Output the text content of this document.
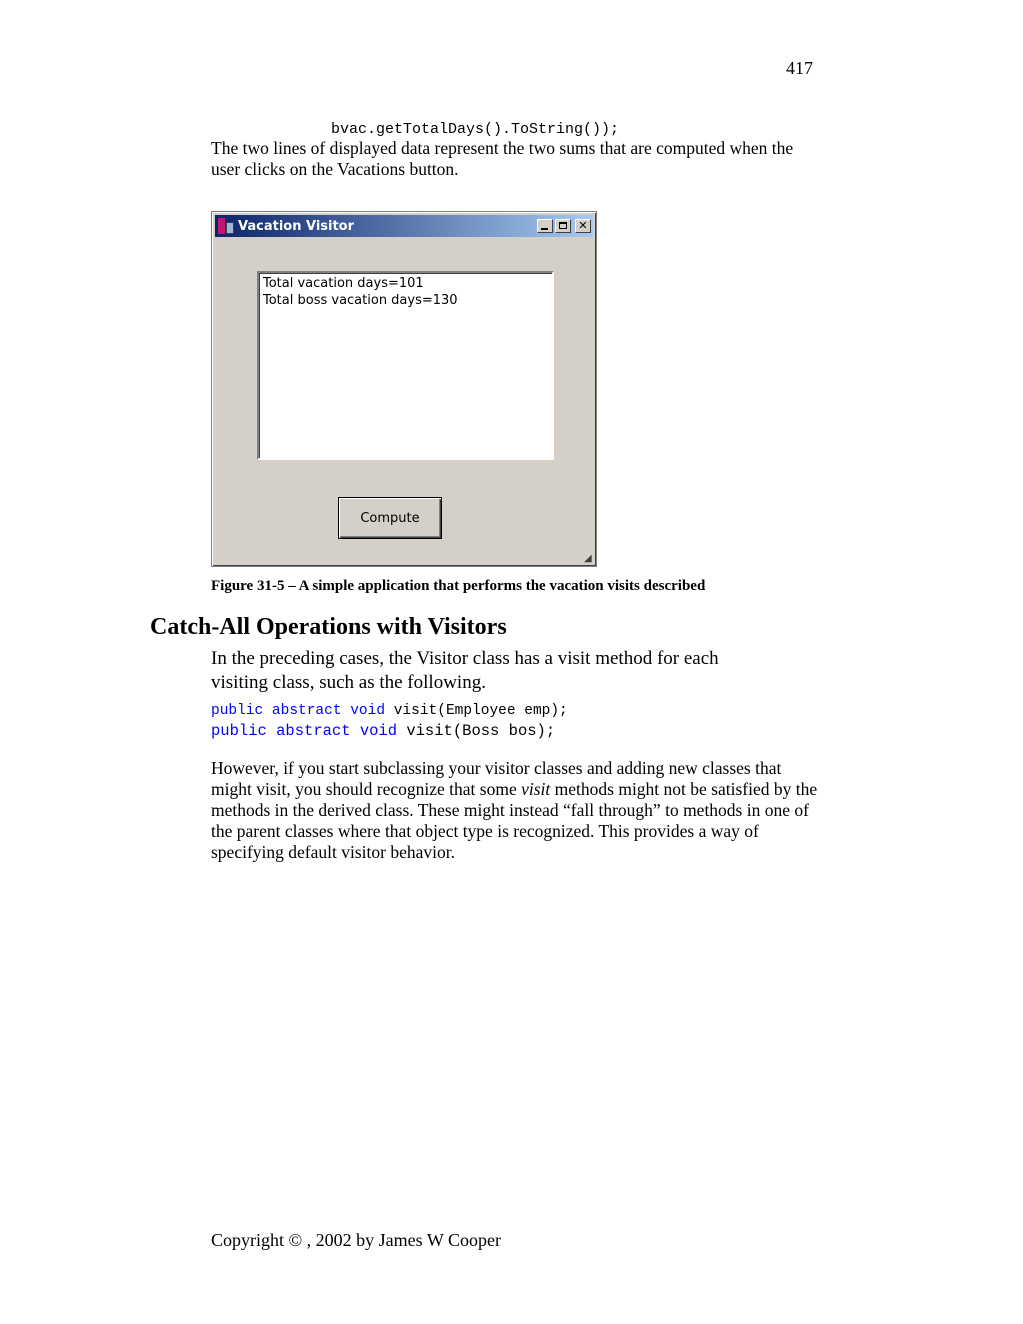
417
bvac.getTotalDays().ToString());
The two lines of displayed data represent the two sums that are computed when the user clicks on the Vacations button.
Vacation Visitor	✕
Total vacation days=101
Total boss vacation days=130
Compute
◢
Figure 31-5 – A simple application that performs the vacation visits described
Catch-All Operations with Visitors
In the preceding cases, the Visitor class has a visit method for each visiting class, such as the following.
public abstract void visit(Employee emp);
public abstract void visit(Boss bos);
However, if you start subclassing your visitor classes and adding new classes that might visit, you should recognize that some visit methods might not be satisfied by the methods in the derived class. These might instead “fall through” to methods in one of the parent classes where that object type is recognized. This provides a way of specifying default visitor behavior.
Copyright © , 2002 by James W Cooper
